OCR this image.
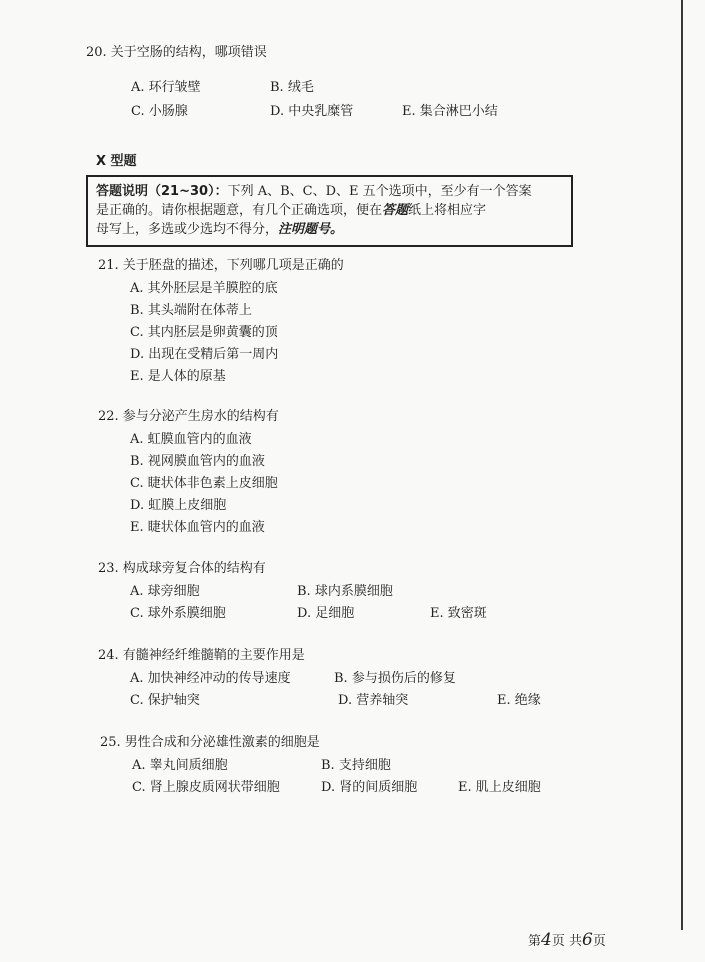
20. 关于空肠的结构，哪项错误
A. 环行皱壁	B. 绒毛
C. 小肠腺	D. 中央乳糜管	E. 集合淋巴小结
X 型题
答题说明（21~30）：下列 A、B、C、D、E 五个选项中，至少有一个答案
是正确的。请你根据题意，有几个正确选项，便在答题纸上将相应字
母写上，多选或少选均不得分，注明题号。
21. 关于胚盘的描述，下列哪几项是正确的
A. 其外胚层是羊膜腔的底
B. 其头端附在体蒂上
C. 其内胚层是卵黄囊的顶
D. 出现在受精后第一周内
E. 是人体的原基
22. 参与分泌产生房水的结构有
A. 虹膜血管内的血液
B. 视网膜血管内的血液
C. 睫状体非色素上皮细胞
D. 虹膜上皮细胞
E. 睫状体血管内的血液
23. 构成球旁复合体的结构有
A. 球旁细胞	B. 球内系膜细胞
C. 球外系膜细胞	D. 足细胞	E. 致密斑
24. 有髓神经纤维髓鞘的主要作用是
A. 加快神经冲动的传导速度	B. 参与损伤后的修复
C. 保护轴突	D. 营养轴突	E. 绝缘
25. 男性合成和分泌雄性激素的细胞是
A. 睾丸间质细胞	B. 支持细胞
C. 肾上腺皮质网状带细胞	D. 肾的间质细胞	E. 肌上皮细胞
第4页 共6页
